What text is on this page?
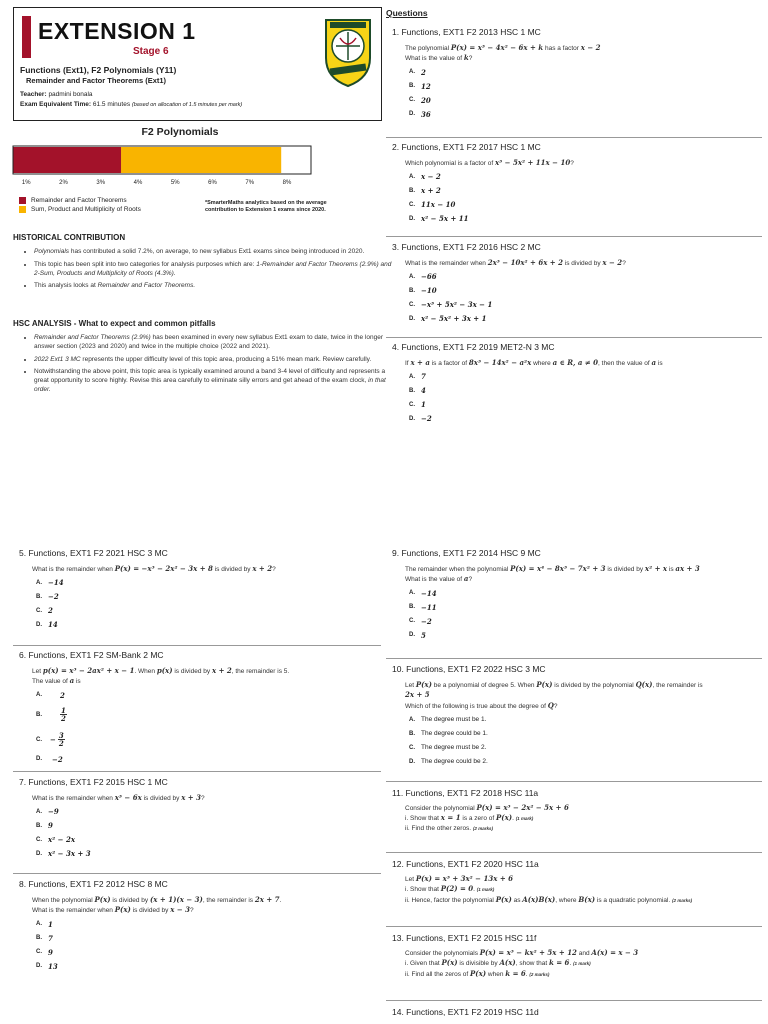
EXTENSION 1
Stage 6
Functions (Ext1), F2 Polynomials (Y11)
Remainder and Factor Theorems (Ext1)
Teacher: padmini bonala
Exam Equivalent Time: 61.5 minutes (based on allocation of 1.5 minutes per mark)
F2 Polynomials
1%	2%	3%	4%	5%	6%	7%	8%
Remainder and Factor Theorems
Sum, Product and Multiplicity of Roots
*SmarterMaths analytics based on the average contribution to Extension 1 exams since 2020.
HISTORICAL CONTRIBUTION
• Polynomials has contributed a solid 7.2%, on average, to new syllabus Ext1 exams since being introduced in 2020.
• This topic has been split into two categories for analysis purposes which are: 1-Remainder and Factor Theorems (2.9%) and 2-Sum, Products and Multiplicity of Roots (4.3%).
• This analysis looks at Remainder and Factor Theorems.
HSC ANALYSIS - What to expect and common pitfalls
• Remainder and Factor Theorems (2.9%) has been examined in every new syllabus Ext1 exam to date, twice in the longer answer section (2023 and 2020) and twice in the multiple choice (2022 and 2021).
• 2022 Ext1 3 MC represents the upper difficulty level of this topic area, producing a 51% mean mark. Review carefully.
• Notwithstanding the above point, this topic area is typically examined around a band 3-4 level of difficulty and represents a great opportunity to score highly. Revise this area carefully to eliminate silly errors and get ahead of the exam clock, in that order.
Questions
1. Functions, EXT1 F2 2013 HSC 1 MC
The polynomial P(x) = x³ − 4x² − 6x + k has a factor x − 2
What is the value of k?
A. 2
B. 12
C. 20
D. 36
2. Functions, EXT1 F2 2017 HSC 1 MC
Which polynomial is a factor of x³ − 5x² + 11x − 10?
A. x − 2
B. x + 2
C. 11x − 10
D. x² − 5x + 11
3. Functions, EXT1 F2 2016 HSC 2 MC
What is the remainder when 2x³ − 10x² + 6x + 2 is divided by x − 2?
A. −66
B. −10
C. −x³ + 5x² − 3x − 1
D. x² − 5x² + 3x + 1
4. Functions, EXT1 F2 2019 MET2-N 3 MC
If x + a is a factor of 8x³ − 14x² − a²x where a ∈ R, a ≠ 0, then the value of a is
A. 7
B. 4
C. 1
D. −2
5. Functions, EXT1 F2 2021 HSC 3 MC
What is the remainder when P(x) = −x³ − 2x² − 3x + 8 is divided by x + 2?
A. −14
B. −2
C. 2
D. 14
6. Functions, EXT1 F2 SM-Bank 2 MC
Let p(x) = x³ − 2ax² + x − 1. When p(x) is divided by x + 2, the remainder is 5.
The value of a is
A.	2
B.	$\frac{1}{2}$
C.	− $\frac{3}{2}$
D.	−2
7. Functions, EXT1 F2 2015 HSC 1 MC
What is the remainder when x³ − 6x is divided by x + 3?
A. −9
B. 9
C. x² − 2x
D. x² − 3x + 3
8. Functions, EXT1 F2 2012 HSC 8 MC
When the polynomial P(x) is divided by (x + 1)(x − 3), the remainder is 2x + 7.
What is the remainder when P(x) is divided by x − 3?
A. 1
B. 7
C. 9
D. 13
9. Functions, EXT1 F2 2014 HSC 9 MC
The remainder when the polynomial P(x) = x⁴ − 8x³ − 7x² + 3 is divided by x² + x is ax + 3
What is the value of a?
A. −14
B. −11
C. −2
D. 5
10. Functions, EXT1 F2 2022 HSC 3 MC
Let P(x) be a polynomial of degree 5. When P(x) is divided by the polynomial Q(x), the remainder is
2x + 5
Which of the following is true about the degree of Q?
A. The degree must be 1.
B. The degree could be 1.
C. The degree must be 2.
D. The degree could be 2.
11. Functions, EXT1 F2 2018 HSC 11a
Consider the polynomial P(x) = x³ − 2x² − 5x + 6
i. Show that x = 1 is a zero of P(x). (1 mark)
ii. Find the other zeros. (2 marks)
12. Functions, EXT1 F2 2020 HSC 11a
Let P(x) = x³ + 3x² − 13x + 6
i. Show that P(2) = 0. (1 mark)
ii. Hence, factor the polynomial P(x) as A(x)B(x), where B(x) is a quadratic polynomial. (2 marks)
13. Functions, EXT1 F2 2015 HSC 11f
Consider the polynomials P(x) = x³ − kx² + 5x + 12 and A(x) = x − 3
i. Given that P(x) is divisible by A(x), show that k = 6. (1 mark)
ii. Find all the zeros of P(x) when k = 6. (2 marks)
14. Functions, EXT1 F2 2019 HSC 11d
